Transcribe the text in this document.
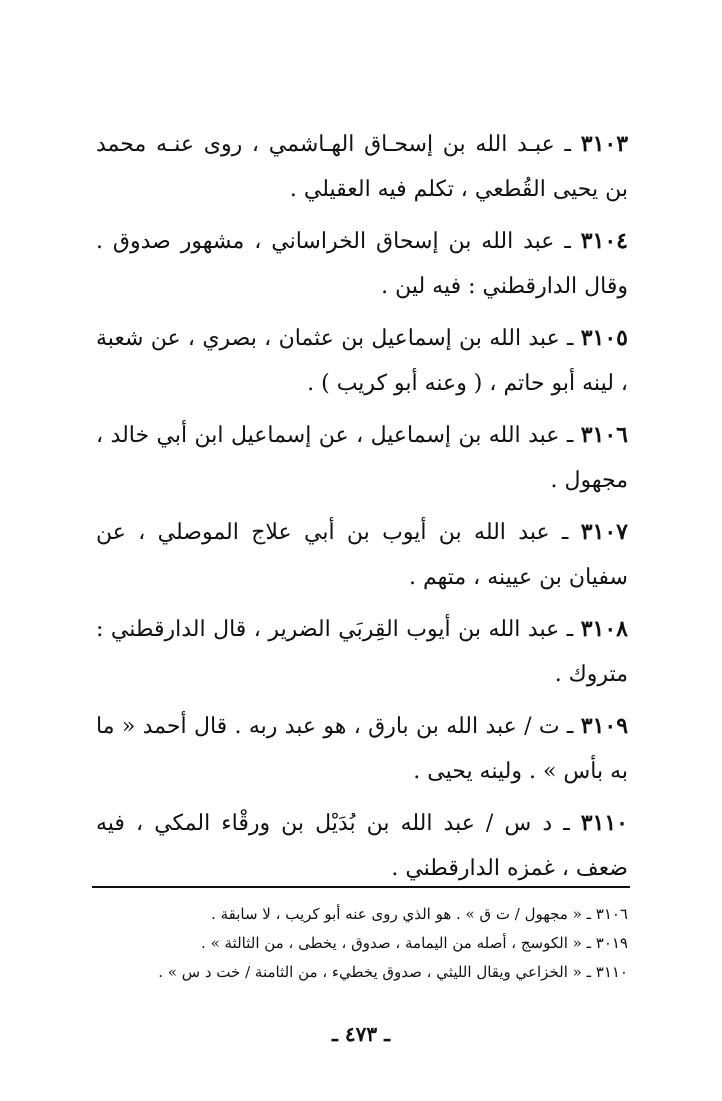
٣١٠٣ ـ عبـد الله بن إسحـاق الهـاشمي ، روى عنـه محمد بن يحيى القُطعي ، تكلم فيه العقيلي .

٣١٠٤ ـ عبد الله بن إسحاق الخراساني ، مشهور صدوق . وقال الدارقطني : فيه لين .

٣١٠٥ ـ عبد الله بن إسماعيل بن عثمان ، بصري ، عن شعبة ، لينه أبو حاتم ، ( وعنه أبو كريب ) .

٣١٠٦ ـ عبد الله بن إسماعيل ، عن إسماعيل ابن أبي خالد ، مجهول .

٣١٠٧ ـ عبد الله بن أيوب بن أبي علاج الموصلي ، عن سفيان بن عيينه ، متهم .

٣١٠٨ ـ عبد الله بن أيوب القِربَي الضرير ، قال الدارقطني : متروك .

٣١٠٩ ـ ت / عبد الله بن بارق ، هو عبد ربه . قال أحمد « ما به بأس » . ولينه يحيى .

٣١١٠ ـ د س / عبد الله بن بُدَيْل بن ورقْاء المكي ، فيه ضعف ، غمزه الدارقطني .

٣١٠٦ ـ « مجهول / ت ق » . هو الذي روى عنه أبو كريب ، لا سابقة .
٣٠١٩ ـ « الكوسج ، أصله من اليمامة ، صدوق ، يخطى ، من الثالثة » .
٣١١٠ ـ « الخزاعي ويقال الليثي ، صدوق يخطيء ، من الثامنة / خت د س » .
ـ ٤٧٣ ـ
